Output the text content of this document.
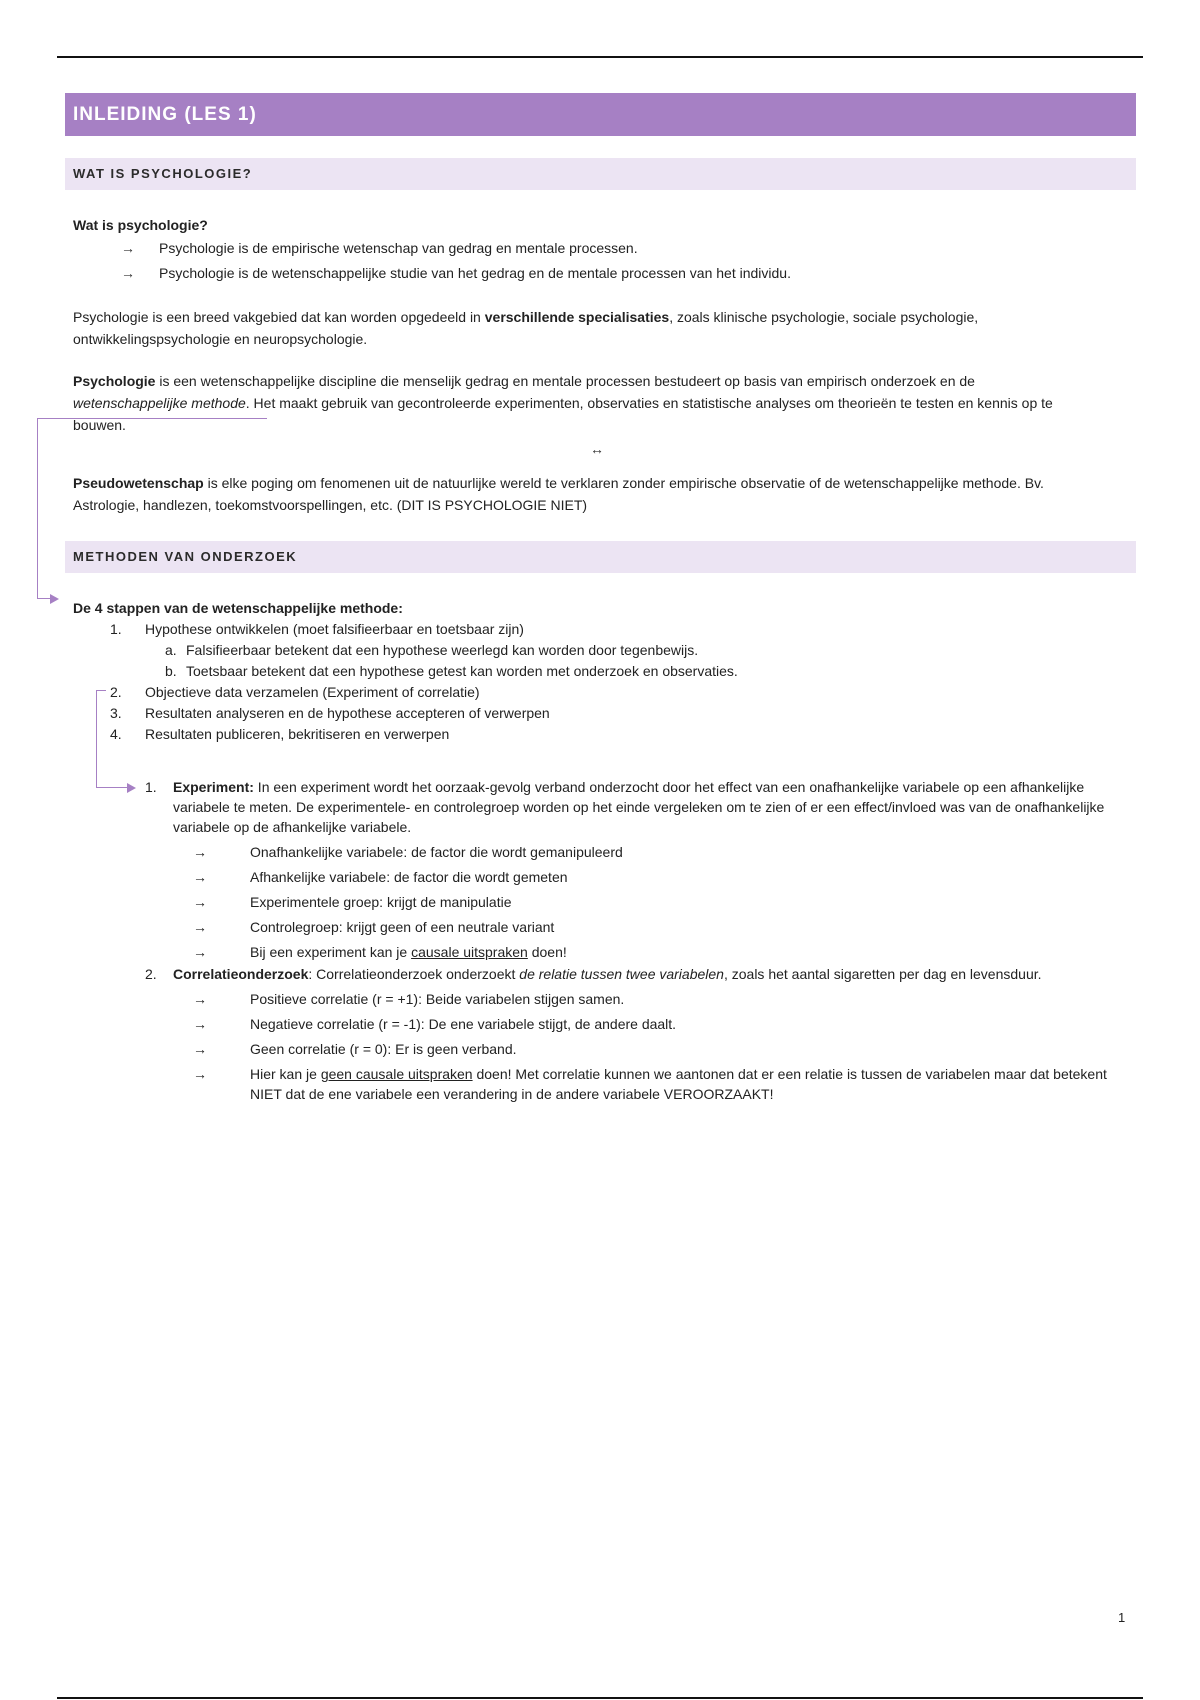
INLEIDING (LES 1)
WAT IS PSYCHOLOGIE?
Wat is psychologie?
→	Psychologie is de empirische wetenschap van gedrag en mentale processen.
→	Psychologie is de wetenschappelijke studie van het gedrag en de mentale processen van het individu.
Psychologie is een breed vakgebied dat kan worden opgedeeld in verschillende specialisaties, zoals klinische psychologie, sociale psychologie, ontwikkelingspsychologie en neuropsychologie.
Psychologie is een wetenschappelijke discipline die menselijk gedrag en mentale processen bestudeert op basis van empirisch onderzoek en de wetenschappelijke methode. Het maakt gebruik van gecontroleerde experimenten, observaties en statistische analyses om theorieën te testen en kennis op te bouwen.
↔
Pseudowetenschap is elke poging om fenomenen uit de natuurlijke wereld te verklaren zonder empirische observatie of de wetenschappelijke methode. Bv. Astrologie, handlezen, toekomstvoorspellingen, etc. (DIT IS PSYCHOLOGIE NIET)
METHODEN VAN ONDERZOEK
De 4 stappen van de wetenschappelijke methode:
1.	Hypothese ontwikkelen (moet falsifieerbaar en toetsbaar zijn)
a. Falsifieerbaar betekent dat een hypothese weerlegd kan worden door tegenbewijs.
b. Toetsbaar betekent dat een hypothese getest kan worden met onderzoek en observaties.
2.	Objectieve data verzamelen (Experiment of correlatie)
3.	Resultaten analyseren en de hypothese accepteren of verwerpen
4.	Resultaten publiceren, bekritiseren en verwerpen
1.	Experiment: In een experiment wordt het oorzaak-gevolg verband onderzocht door het effect van een onafhankelijke variabele op een afhankelijke variabele te meten. De experimentele- en controlegroep worden op het einde vergeleken om te zien of er een effect/invloed was van de onafhankelijke variabele op de afhankelijke variabele.
→	Onafhankelijke variabele: de factor die wordt gemanipuleerd
→	Afhankelijke variabele: de factor die wordt gemeten
→	Experimentele groep: krijgt de manipulatie
→	Controlegroep: krijgt geen of een neutrale variant
→	Bij een experiment kan je causale uitspraken doen!
2.	Correlatieonderzoek: Correlatieonderzoek onderzoekt de relatie tussen twee variabelen, zoals het aantal sigaretten per dag en levensduur.
→	Positieve correlatie (r = +1): Beide variabelen stijgen samen.
→	Negatieve correlatie (r = -1): De ene variabele stijgt, de andere daalt.
→	Geen correlatie (r = 0): Er is geen verband.
→	Hier kan je geen causale uitspraken doen! Met correlatie kunnen we aantonen dat er een relatie is tussen de variabelen maar dat betekent NIET dat de ene variabele een verandering in de andere variabele VEROORZAAKT!
1
